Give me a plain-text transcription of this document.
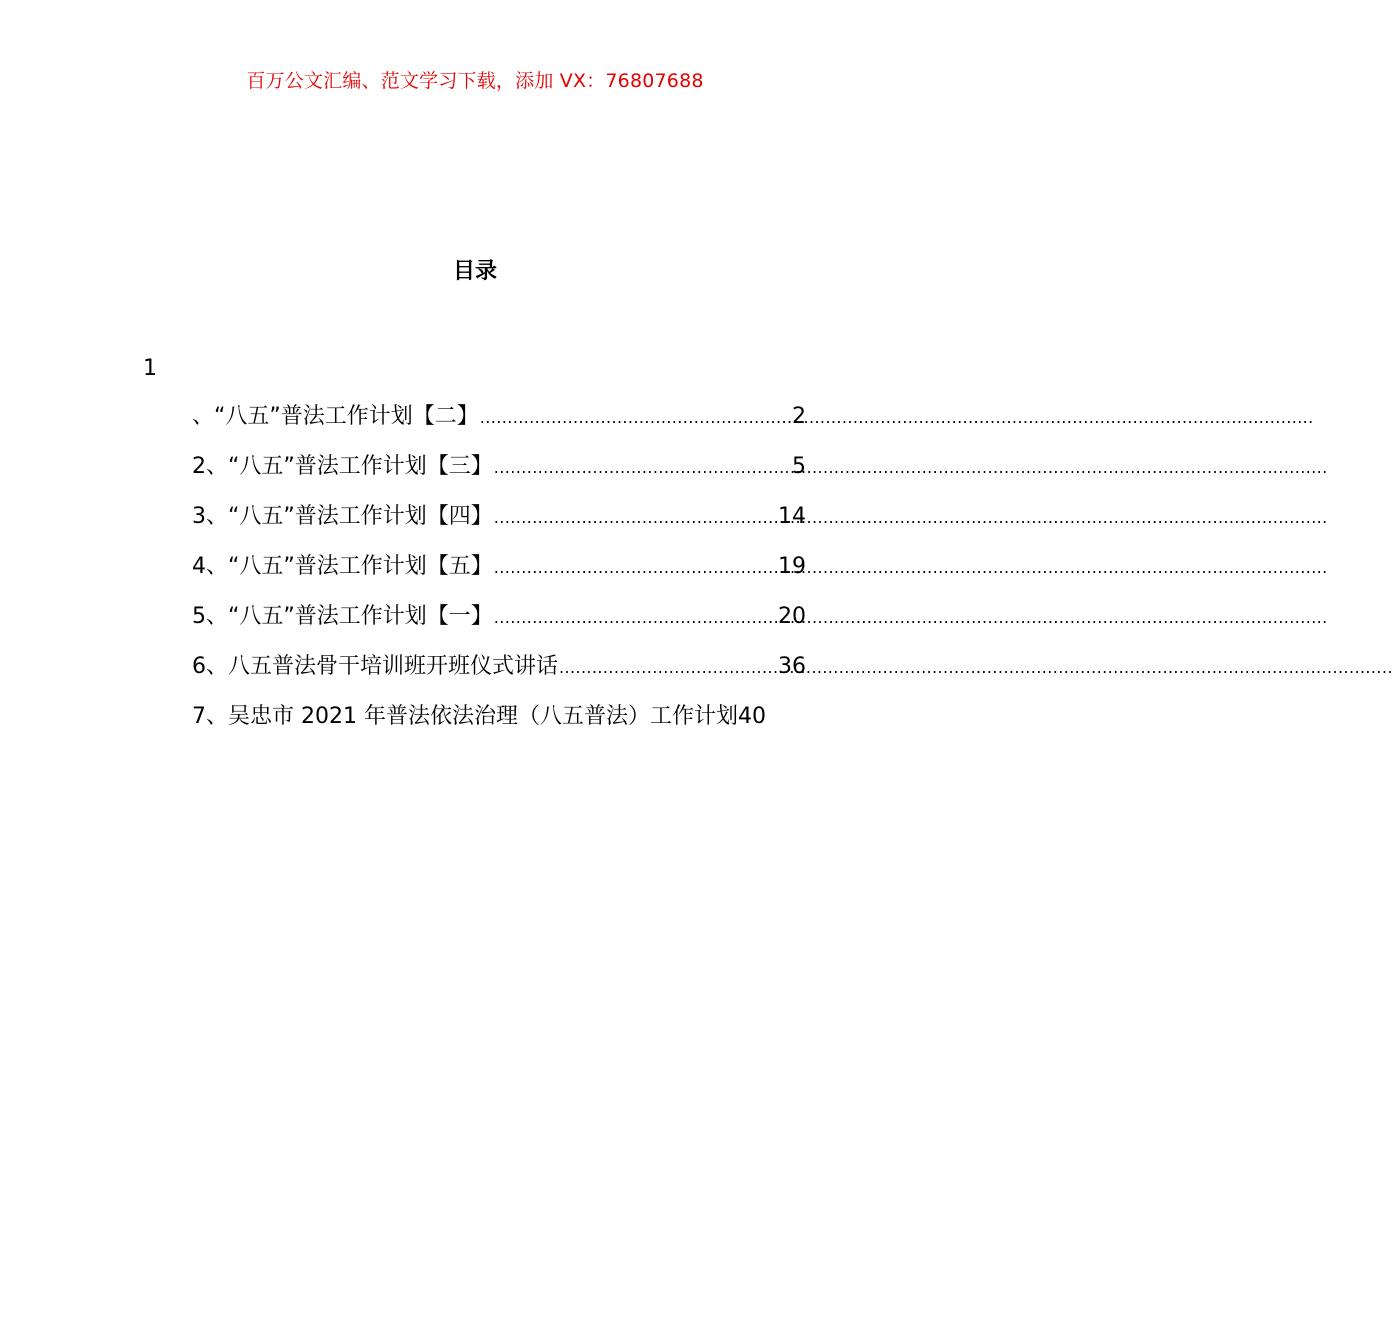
百万公文汇编、范文学习下载，添加 VX：76807688
目录
1
、“八五”普法工作计划【二】 .....	2
2、“八五”普法工作计划【三】 .....	5
3、“八五”普法工作计划【四】 .....	14
4、“八五”普法工作计划【五】 .....	19
5、“八五”普法工作计划【一】 .....	20
6、八五普法骨干培训班开班仪式讲话 .....	36
7、吴忠市 2021 年普法依法治理（八五普法）工作计划 40
